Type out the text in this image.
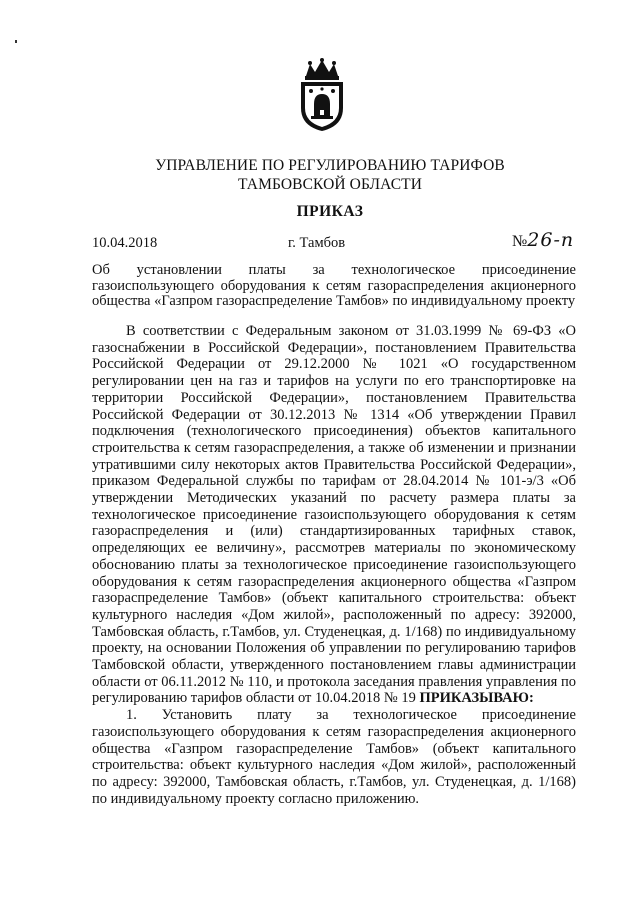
УПРАВЛЕНИЕ ПО РЕГУЛИРОВАНИЮ ТАРИФОВ
ТАМБОВСКОЙ ОБЛАСТИ
ПРИКАЗ
10.04.2018	г. Тамбов	№26-п
Об установлении платы за технологическое присоединение газоиспользующего оборудования к сетям газораспределения акционерного общества «Газпром газораспределение Тамбов» по индивидуальному проекту

В соответствии с Федеральным законом от 31.03.1999 № 69-ФЗ «О газоснабжении в Российской Федерации», постановлением Правительства Российской Федерации от 29.12.2000 № 1021 «О государственном регулировании цен на газ и тарифов на услуги по его транспортировке на территории Российской Федерации», постановлением Правительства Российской Федерации от 30.12.2013 № 1314 «Об утверждении Правил подключения (технологического присоединения) объектов капитального строительства к сетям газораспределения, а также об изменении и признании утратившими силу некоторых актов Правительства Российской Федерации», приказом Федеральной службы по тарифам от 28.04.2014 № 101-э/3 «Об утверждении Методических указаний по расчету размера платы за технологическое присоединение газоиспользующего оборудования к сетям газораспределения и (или) стандартизированных тарифных ставок, определяющих ее величину», рассмотрев материалы по экономическому обоснованию платы за технологическое присоединение газоиспользующего оборудования к сетям газораспределения акционерного общества «Газпром газораспределение Тамбов» (объект капитального строительства: объект культурного наследия «Дом жилой», расположенный по адресу: 392000, Тамбовская область, г.Тамбов, ул. Студенецкая, д. 1/168) по индивидуальному проекту, на основании Положения об управлении по регулированию тарифов Тамбовской области, утвержденного постановлением главы администрации области от 06.11.2012 № 110, и протокола заседания правления управления по регулированию тарифов области от 10.04.2018 № 19 ПРИКАЗЫВАЮ:

1. Установить плату за технологическое присоединение газоиспользующего оборудования к сетям газораспределения акционерного общества «Газпром газораспределение Тамбов» (объект капитального строительства: объект культурного наследия «Дом жилой», расположенный по адресу: 392000, Тамбовская область, г.Тамбов, ул. Студенецкая, д. 1/168) по индивидуальному проекту согласно приложению.
